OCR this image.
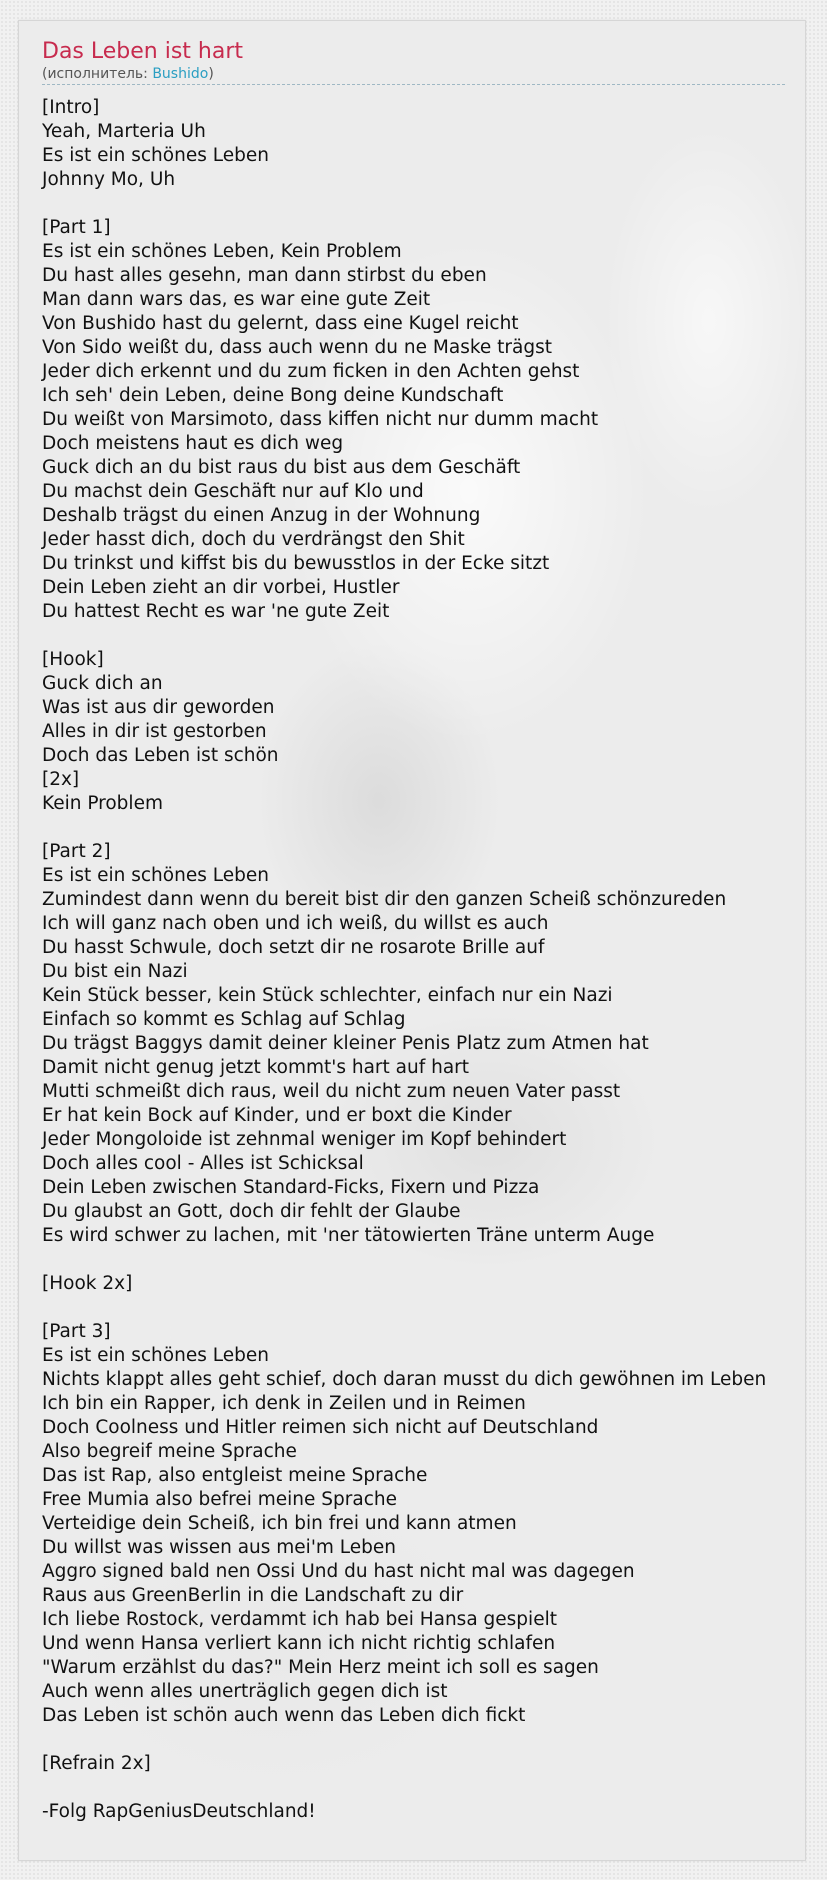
Das Leben ist hart
(исполнитель: Bushido)
[Intro]
Yeah, Marteria Uh
Es ist ein schönes Leben
Johnny Mo, Uh
[Part 1]
Es ist ein schönes Leben, Kein Problem
Du hast alles gesehn, man dann stirbst du eben
Man dann wars das, es war eine gute Zeit
Von Bushido hast du gelernt, dass eine Kugel reicht
Von Sido weißt du, dass auch wenn du ne Maske trägst
Jeder dich erkennt und du zum ficken in den Achten gehst
Ich seh' dein Leben, deine Bong deine Kundschaft
Du weißt von Marsimoto, dass kiffen nicht nur dumm macht
Doch meistens haut es dich weg
Guck dich an du bist raus du bist aus dem Geschäft
Du machst dein Geschäft nur auf Klo und
Deshalb trägst du einen Anzug in der Wohnung
Jeder hasst dich, doch du verdrängst den Shit
Du trinkst und kiffst bis du bewusstlos in der Ecke sitzt
Dein Leben zieht an dir vorbei, Hustler
Du hattest Recht es war 'ne gute Zeit
[Hook]
Guck dich an
Was ist aus dir geworden
Alles in dir ist gestorben
Doch das Leben ist schön
[2x]
Kein Problem
[Part 2]
Es ist ein schönes Leben
Zumindest dann wenn du bereit bist dir den ganzen Scheiß schönzureden
Ich will ganz nach oben und ich weiß, du willst es auch
Du hasst Schwule, doch setzt dir ne rosarote Brille auf
Du bist ein Nazi
Kein Stück besser, kein Stück schlechter, einfach nur ein Nazi
Einfach so kommt es Schlag auf Schlag
Du trägst Baggys damit deiner kleiner Penis Platz zum Atmen hat
Damit nicht genug jetzt kommt's hart auf hart
Mutti schmeißt dich raus, weil du nicht zum neuen Vater passt
Er hat kein Bock auf Kinder, und er boxt die Kinder
Jeder Mongoloide ist zehnmal weniger im Kopf behindert
Doch alles cool - Alles ist Schicksal
Dein Leben zwischen Standard-Ficks, Fixern und Pizza
Du glaubst an Gott, doch dir fehlt der Glaube
Es wird schwer zu lachen, mit 'ner tätowierten Träne unterm Auge
[Hook 2x]
[Part 3]
Es ist ein schönes Leben
Nichts klappt alles geht schief, doch daran musst du dich gewöhnen im Leben
Ich bin ein Rapper, ich denk in Zeilen und in Reimen
Doch Coolness und Hitler reimen sich nicht auf Deutschland
Also begreif meine Sprache
Das ist Rap, also entgleist meine Sprache
Free Mumia also befrei meine Sprache
Verteidige dein Scheiß, ich bin frei und kann atmen
Du willst was wissen aus mei'm Leben
Aggro signed bald nen Ossi Und du hast nicht mal was dagegen
Raus aus GreenBerlin in die Landschaft zu dir
Ich liebe Rostock, verdammt ich hab bei Hansa gespielt
Und wenn Hansa verliert kann ich nicht richtig schlafen
"Warum erzählst du das?" Mein Herz meint ich soll es sagen
Auch wenn alles unerträglich gegen dich ist
Das Leben ist schön auch wenn das Leben dich fickt
[Refrain 2x]
-Folg RapGeniusDeutschland!
